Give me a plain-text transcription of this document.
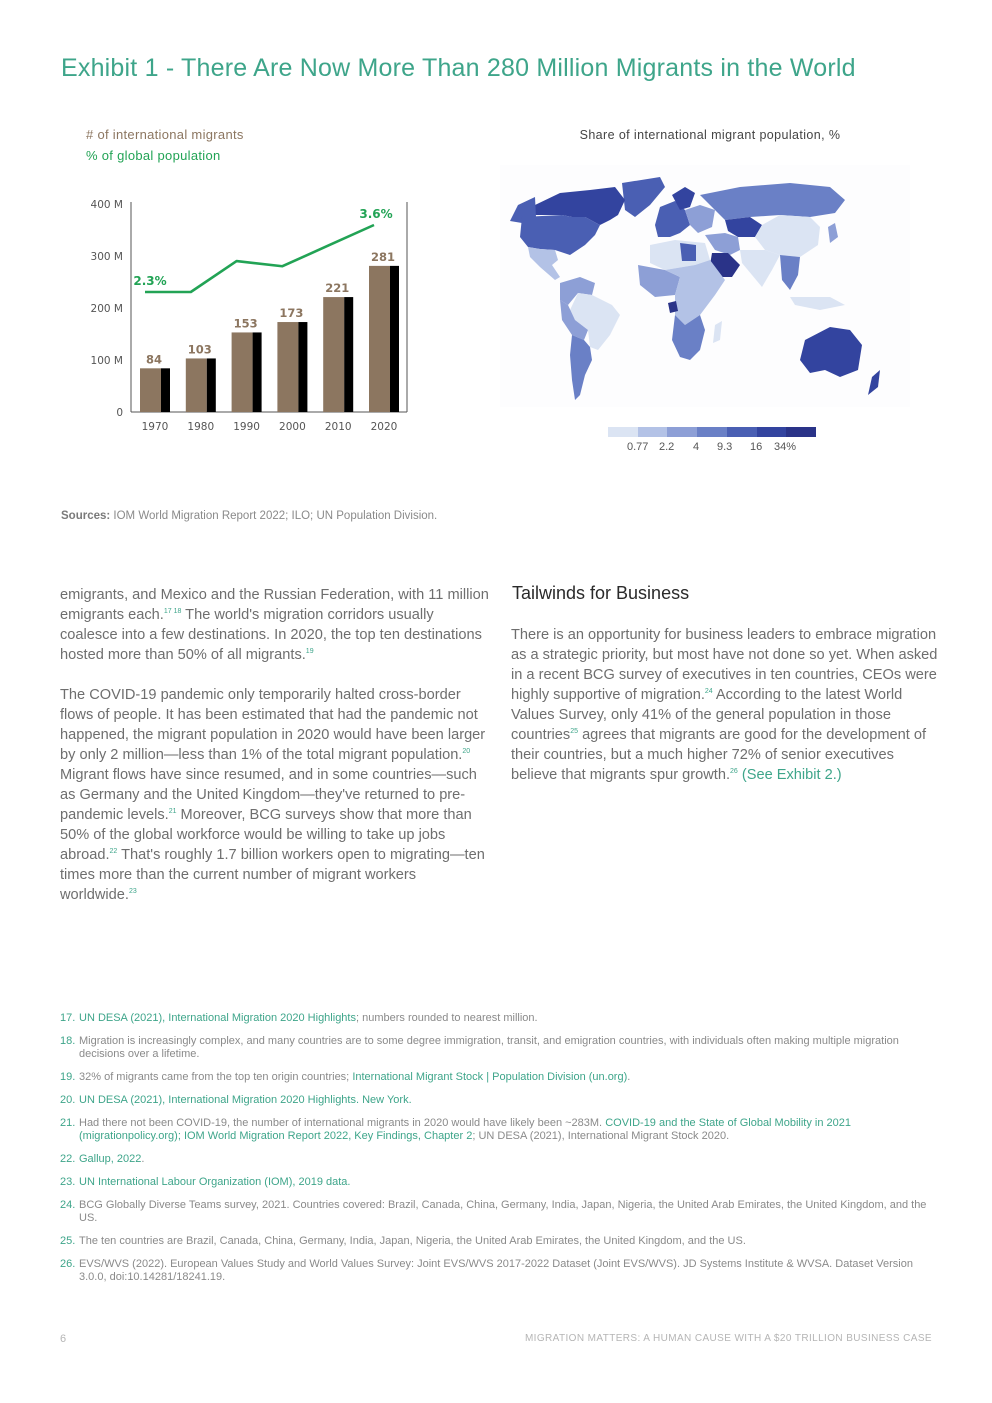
Exhibit 1 - There Are Now More Than 280 Million Migrants in the World
# of international migrants
% of global population
0
100 M
200 M
300 M
400 M
84
103
153
173
221
281
2.3%
3.6%
1970 1980 1990 2000 2010 2020
Share of international migrant population, %
0.77 2.2 4 9.3 16 34%
Sources: IOM World Migration Report 2022; ILO; UN Population Division.

emigrants, and Mexico and the Russian Federation, with 11 million emigrants each.$^{17 18}$ The world's migration corridors usually coalesce into a few destinations. In 2020, the top ten destinations hosted more than 50% of all migrants.$^{19}$

The COVID-19 pandemic only temporarily halted cross-border flows of people. It has been estimated that had the pandemic not happened, the migrant population in 2020 would have been larger by only 2 million—less than 1% of the total migrant population.$^{20}$ Migrant flows have since resumed, and in some countries—such as Germany and the United Kingdom—they've returned to pre-pandemic levels.$^{21}$ Moreover, BCG surveys show that more than 50% of the global workforce would be willing to take up jobs abroad.$^{22}$ That's roughly 1.7 billion workers open to migrating—ten times more than the current number of migrant workers worldwide.$^{23}$

Tailwinds for Business

There is an opportunity for business leaders to embrace migration as a strategic priority, but most have not done so yet. When asked in a recent BCG survey of executives in ten countries, CEOs were highly supportive of migration.$^{24}$ According to the latest World Values Survey, only 41% of the general population in those countries$^{25}$ agrees that migrants are good for the development of their countries, but a much higher 72% of senior executives believe that migrants spur growth.$^{26}$ (See Exhibit 2.)

17. UN DESA (2021), International Migration 2020 Highlights; numbers rounded to nearest million.
18. Migration is increasingly complex, and many countries are to some degree immigration, transit, and emigration countries, with individuals often making multiple migration decisions over a lifetime.
19. 32% of migrants came from the top ten origin countries; International Migrant Stock | Population Division (un.org).
20. UN DESA (2021), International Migration 2020 Highlights. New York.
21. Had there not been COVID-19, the number of international migrants in 2020 would have likely been ~283M. COVID-19 and the State of Global Mobility in 2021 (migrationpolicy.org); IOM World Migration Report 2022, Key Findings, Chapter 2; UN DESA (2021), International Migrant Stock 2020.
22. Gallup, 2022.
23. UN International Labour Organization (IOM), 2019 data.
24. BCG Globally Diverse Teams survey, 2021. Countries covered: Brazil, Canada, China, Germany, India, Japan, Nigeria, the United Arab Emirates, the United Kingdom, and the US.
25. The ten countries are Brazil, Canada, China, Germany, India, Japan, Nigeria, the United Arab Emirates, the United Kingdom, and the US.
26. EVS/WVS (2022). European Values Study and World Values Survey: Joint EVS/WVS 2017-2022 Dataset (Joint EVS/WVS). JD Systems Institute & WVSA. Dataset Version 3.0.0, doi:10.14281/18241.19.
6	MIGRATION MATTERS: A HUMAN CAUSE WITH A $20 TRILLION BUSINESS CASE
